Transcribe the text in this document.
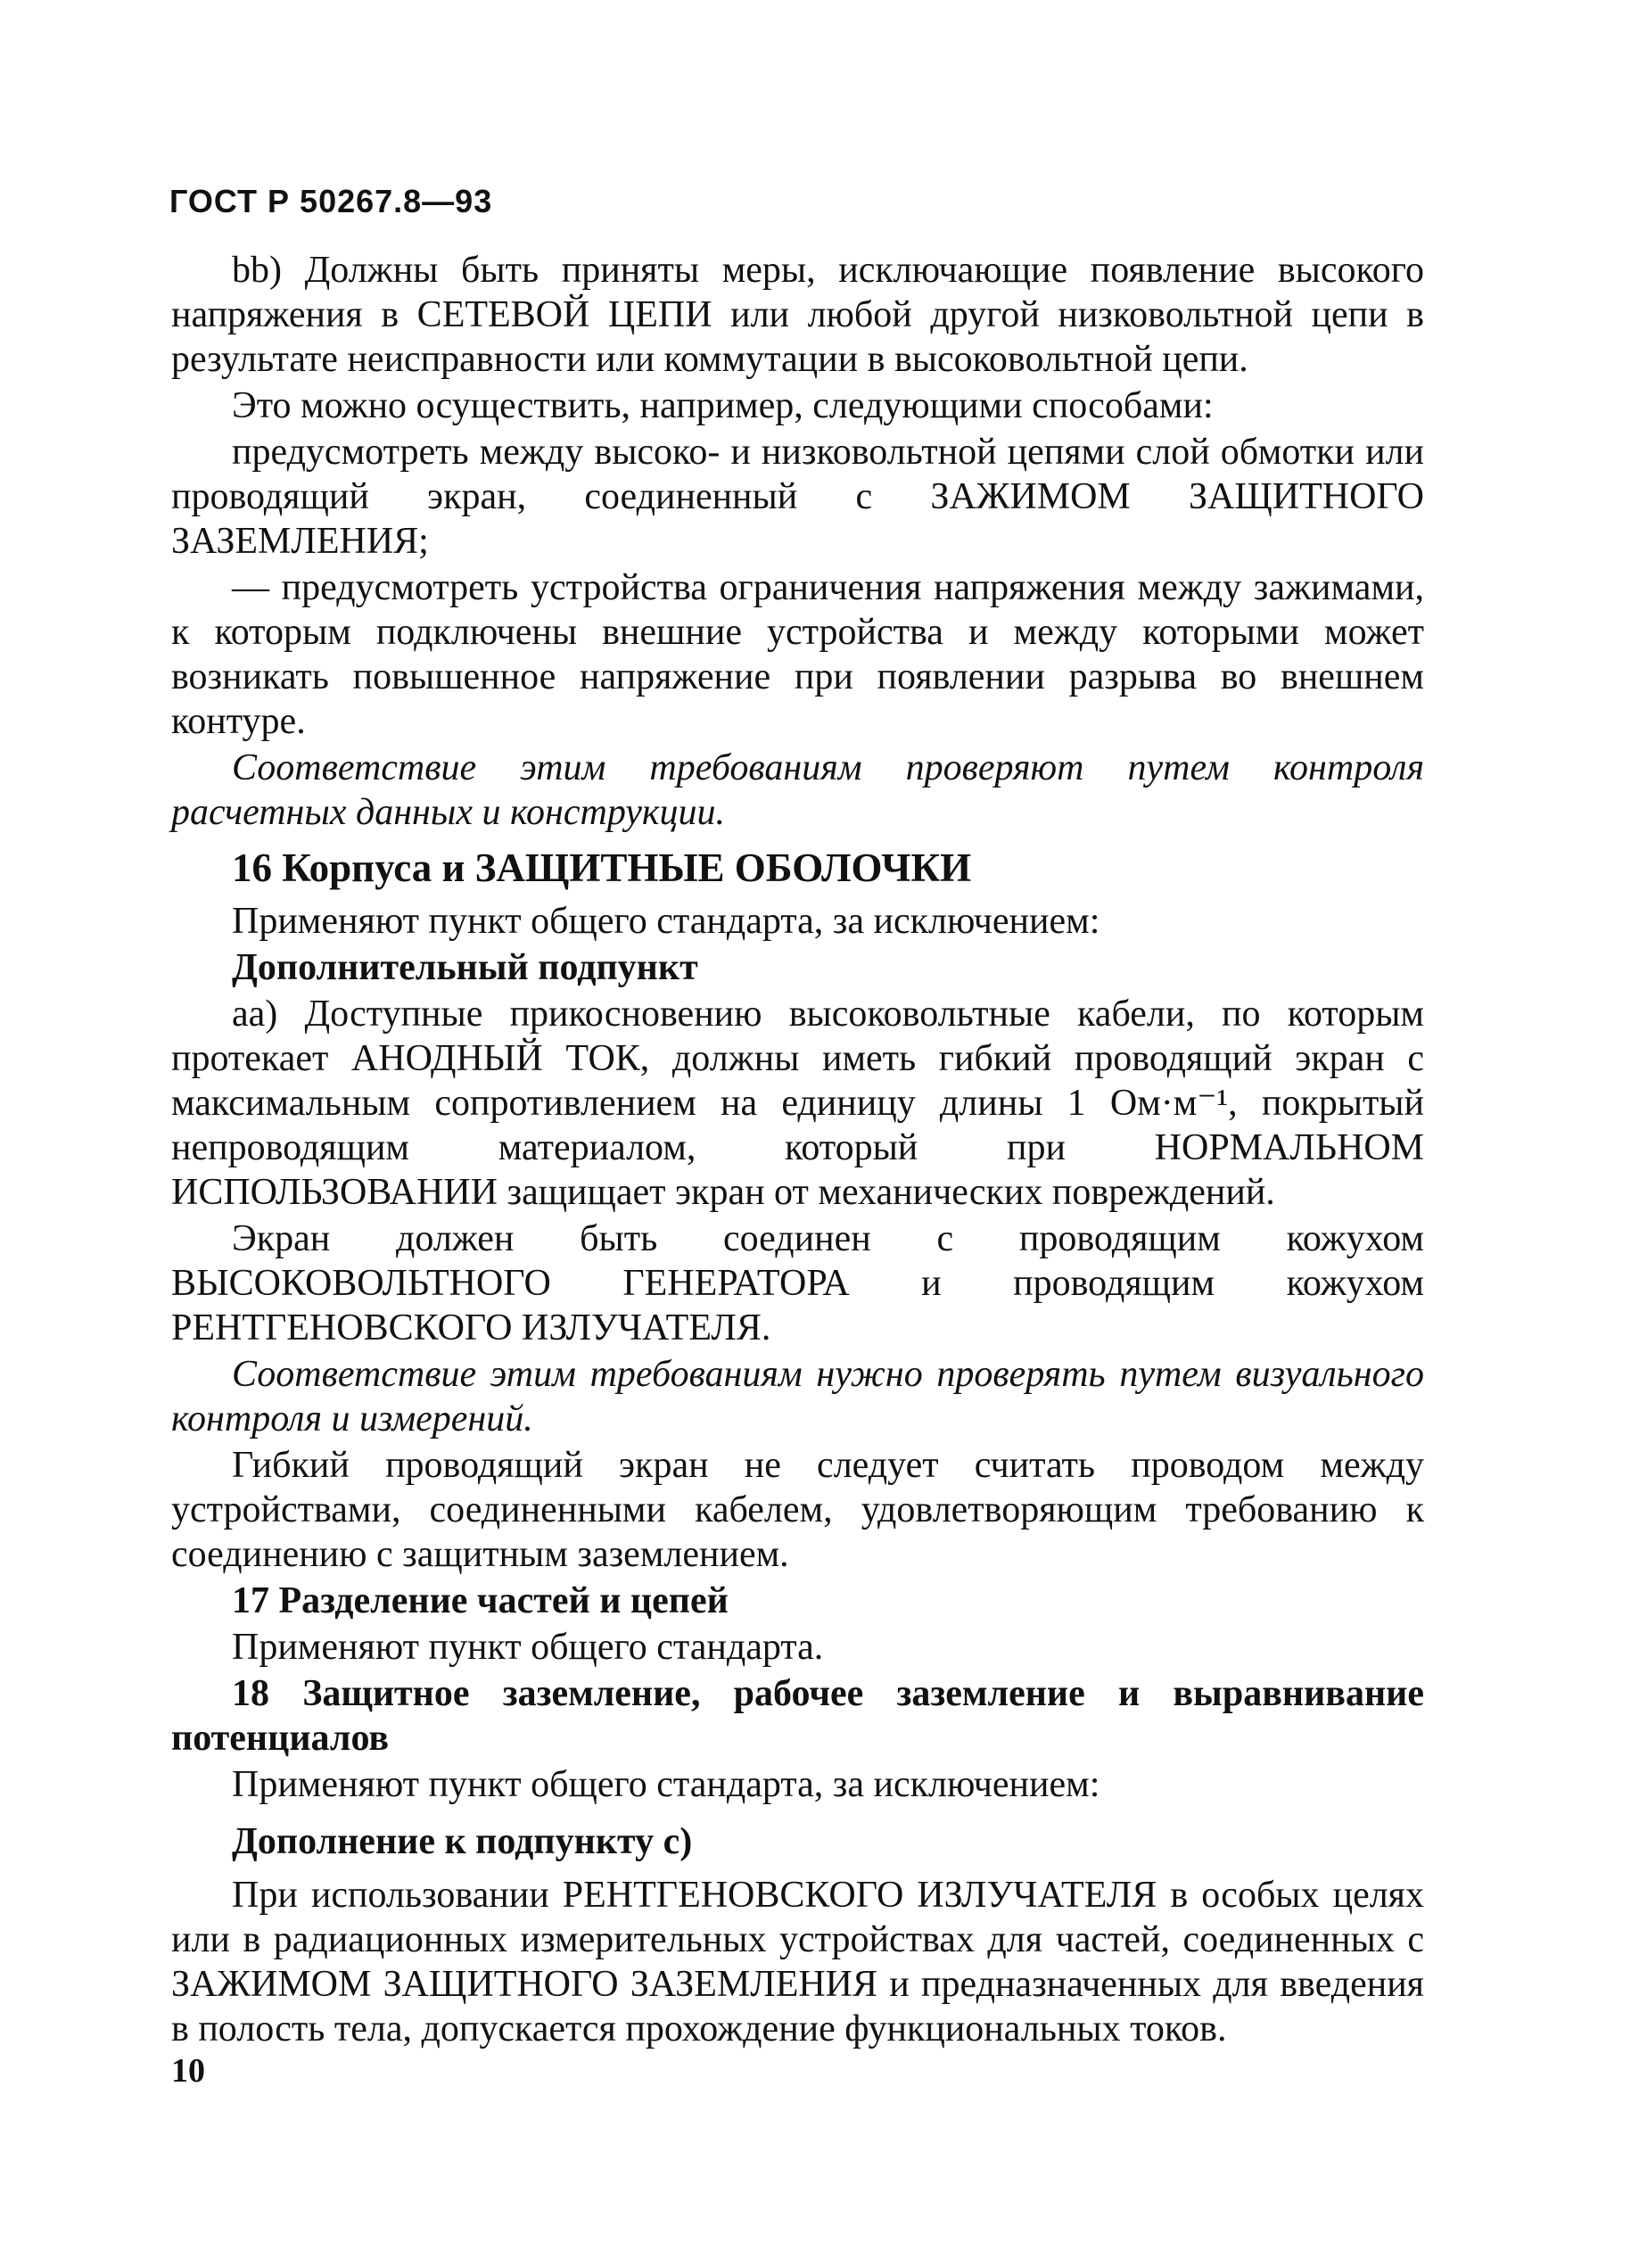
ГОСТ Р 50267.8—93

bb) Должны быть приняты меры, исключающие появление высокого напряжения в СЕТЕВОЙ ЦЕПИ или любой другой низковольтной цепи в результате неисправности или коммутации в высоковольтной цепи.

Это можно осуществить, например, следующими способами:

предусмотреть между высоко- и низковольтной цепями слой обмотки или проводящий экран, соединенный с ЗАЖИМОМ ЗАЩИТНОГО ЗАЗЕМЛЕНИЯ;

— предусмотреть устройства ограничения напряжения между зажимами, к которым подключены внешние устройства и между которыми может возникать повышенное напряжение при появлении разрыва во внешнем контуре.

Соответствие этим требованиям проверяют путем контроля расчетных данных и конструкции.

16 Корпуса и ЗАЩИТНЫЕ ОБОЛОЧКИ

Применяют пункт общего стандарта, за исключением:

Дополнительный подпункт

аа) Доступные прикосновению высоковольтные кабели, по которым протекает АНОДНЫЙ ТОК, должны иметь гибкий проводящий экран с максимальным сопротивлением на единицу длины 1 Ом·м⁻¹, покрытый непроводящим материалом, который при НОРМАЛЬНОМ ИСПОЛЬЗОВАНИИ защищает экран от механических повреждений.

Экран должен быть соединен с проводящим кожухом ВЫСОКОВОЛЬТНОГО ГЕНЕРАТОРА и проводящим кожухом РЕНТГЕНОВСКОГО ИЗЛУЧАТЕЛЯ.

Соответствие этим требованиям нужно проверять путем визуального контроля и измерений.

Гибкий проводящий экран не следует считать проводом между устройствами, соединенными кабелем, удовлетворяющим требованию к соединению с защитным заземлением.

17 Разделение частей и цепей

Применяют пункт общего стандарта.

18 Защитное заземление, рабочее заземление и выравнивание потенциалов

Применяют пункт общего стандарта, за исключением:

Дополнение к подпункту с)

При использовании РЕНТГЕНОВСКОГО ИЗЛУЧАТЕЛЯ в особых целях или в радиационных измерительных устройствах для частей, соединенных с ЗАЖИМОМ ЗАЩИТНОГО ЗАЗЕМЛЕНИЯ и предназначенных для введения в полость тела, допускается прохождение функциональных токов.

10
